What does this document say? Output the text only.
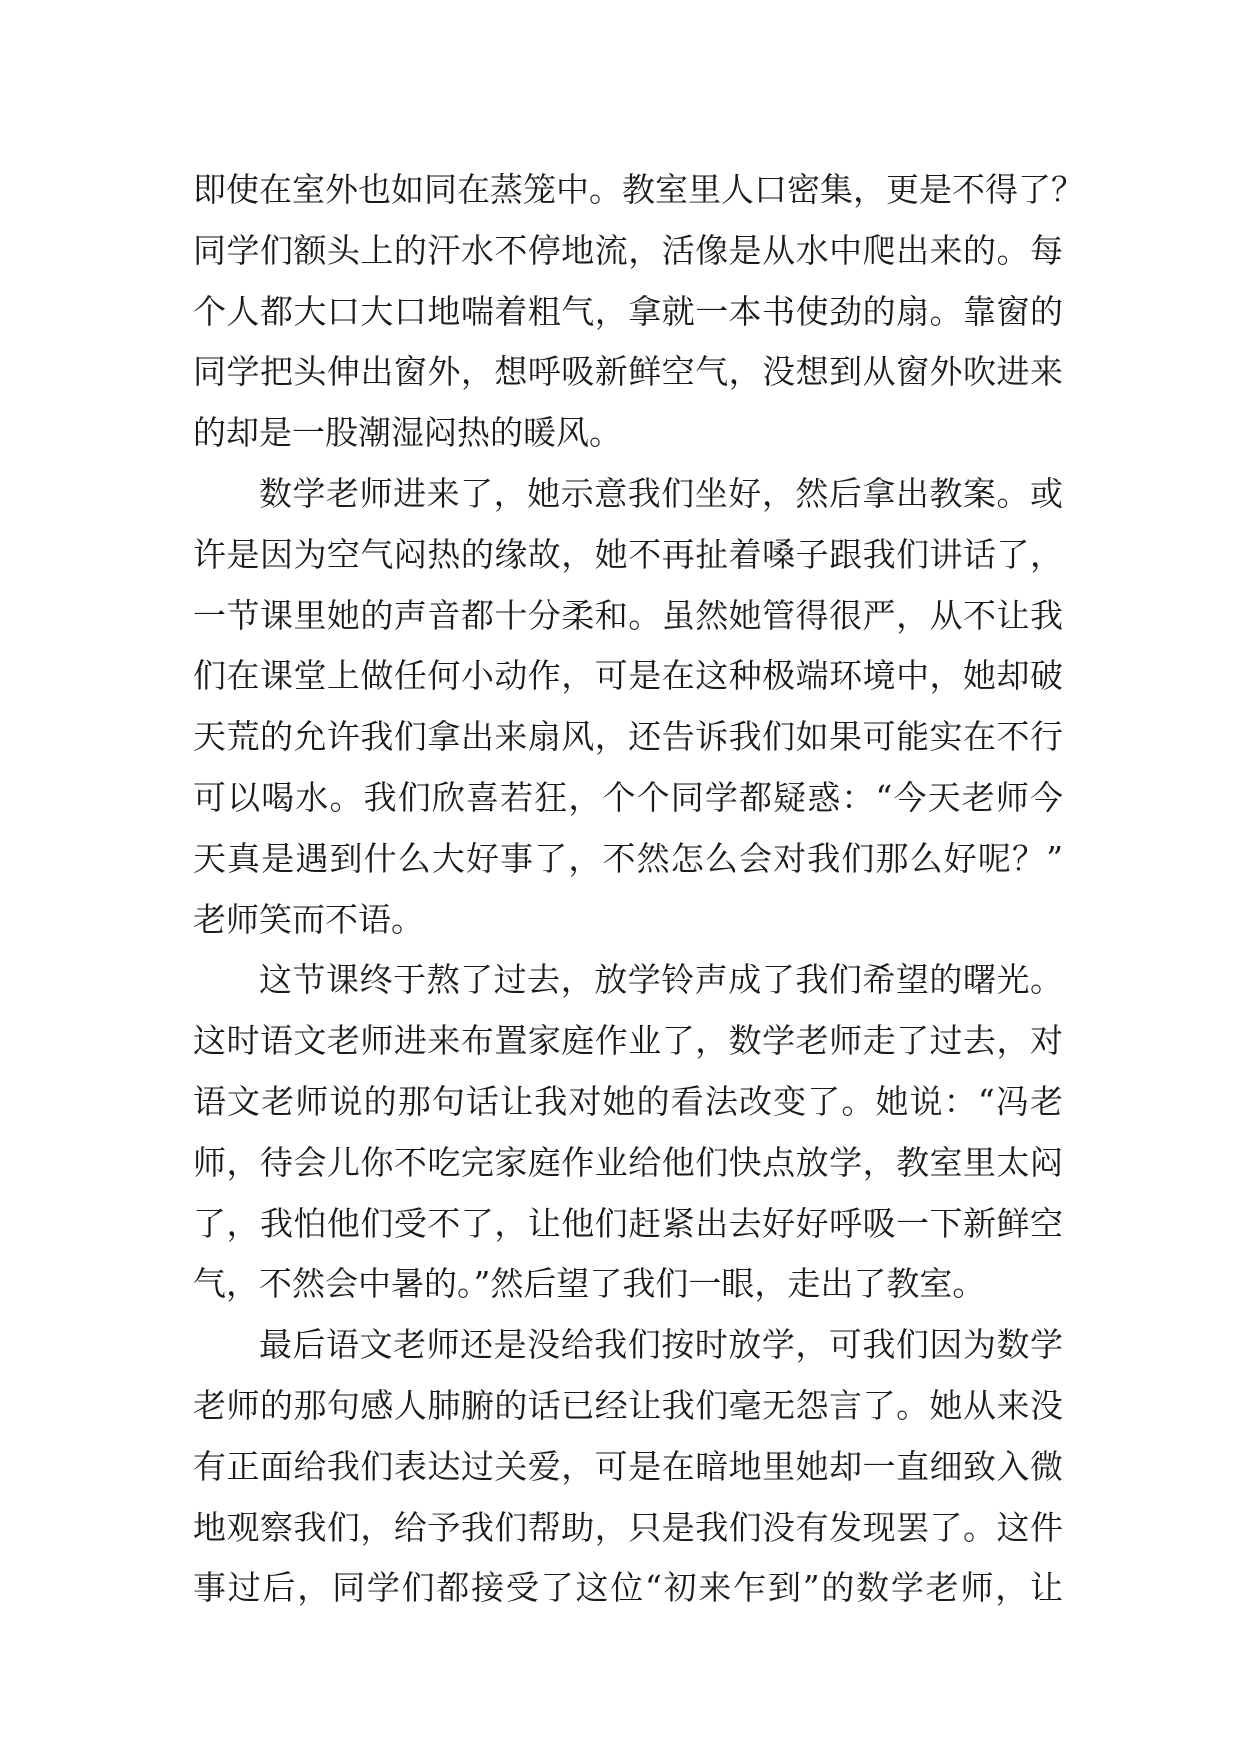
即使在室外也如同在蒸笼中。教室里人口密集，更是不得了？
同学们额头上的汗水不停地流，活像是从水中爬出来的。每
个人都大口大口地喘着粗气，拿就一本书使劲的扇。靠窗的
同学把头伸出窗外，想呼吸新鲜空气，没想到从窗外吹进来
的却是一股潮湿闷热的暖风。
数学老师进来了，她示意我们坐好，然后拿出教案。或
许是因为空气闷热的缘故，她不再扯着嗓子跟我们讲话了，
一节课里她的声音都十分柔和。虽然她管得很严，从不让我
们在课堂上做任何小动作，可是在这种极端环境中，她却破
天荒的允许我们拿出来扇风，还告诉我们如果可能实在不行
可以喝水。我们欣喜若狂，个个同学都疑惑：“今天老师今
天真是遇到什么大好事了，不然怎么会对我们那么好呢？”
老师笑而不语。
这节课终于熬了过去，放学铃声成了我们希望的曙光。
这时语文老师进来布置家庭作业了，数学老师走了过去，对
语文老师说的那句话让我对她的看法改变了。她说：“冯老
师，待会儿你不吃完家庭作业给他们快点放学，教室里太闷
了，我怕他们受不了，让他们赶紧出去好好呼吸一下新鲜空
气，不然会中暑的。”然后望了我们一眼，走出了教室。
最后语文老师还是没给我们按时放学，可我们因为数学
老师的那句感人肺腑的话已经让我们毫无怨言了。她从来没
有正面给我们表达过关爱，可是在暗地里她却一直细致入微
地观察我们，给予我们帮助，只是我们没有发现罢了。这件
事过后，同学们都接受了这位“初来乍到”的数学老师，让
